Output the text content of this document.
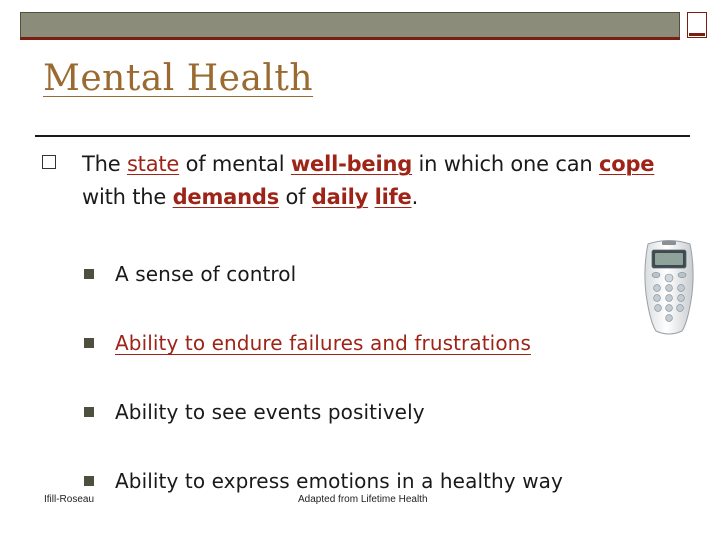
Mental Health

The state of mental well-being in which one can cope with the demands of daily life.

A sense of control
Ability to endure failures and frustrations
Ability to see events positively
Ability to express emotions in a healthy way
Ifill-Roseau	Adapted from Lifetime Health
